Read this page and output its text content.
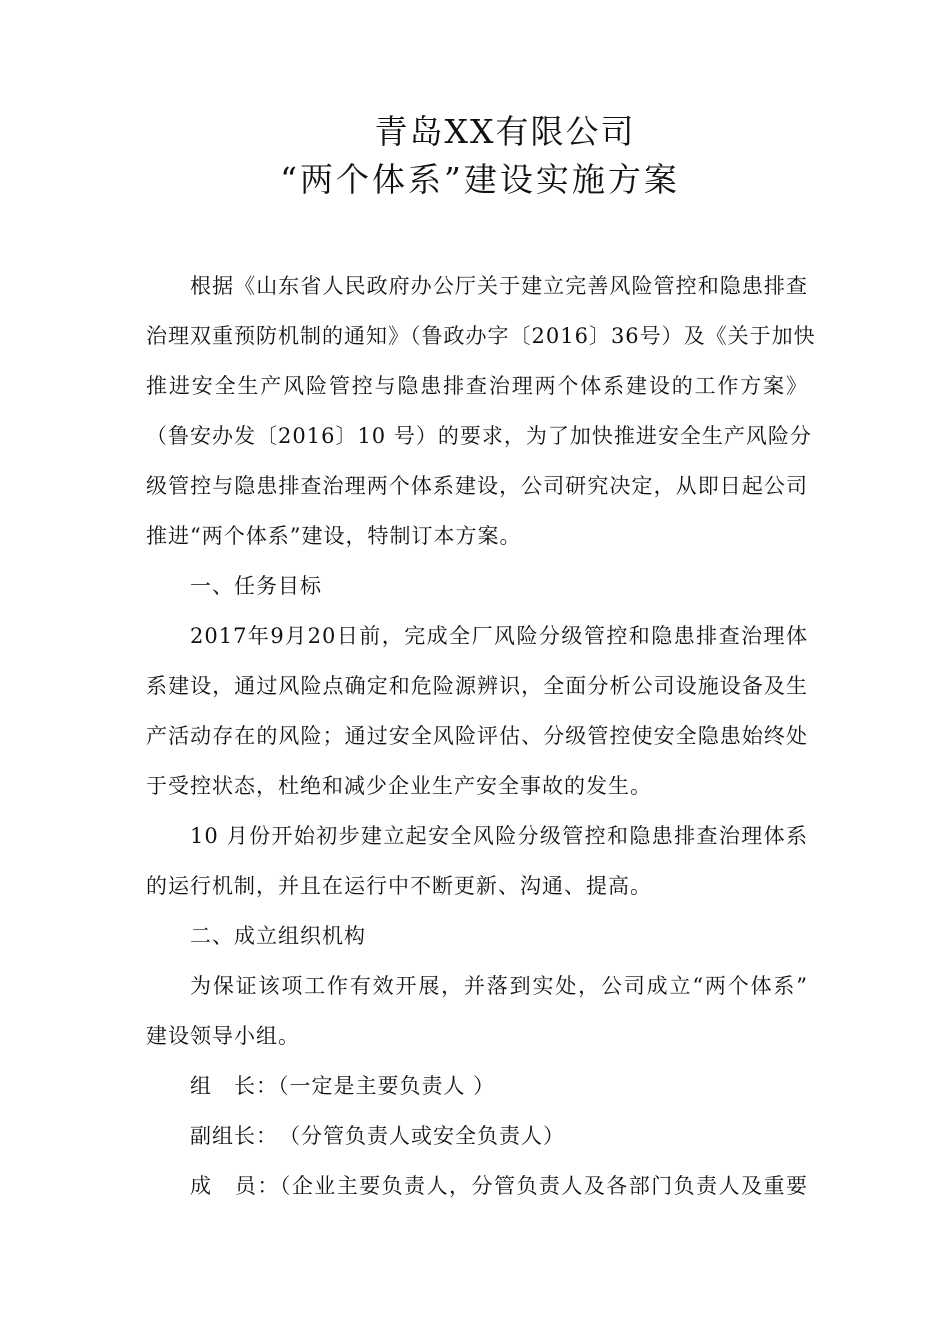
青岛XX有限公司
“两个体系”建设实施方案
根据《山东省人民政府办公厅关于建立完善风险管控和隐患排查
治理双重预防机制的通知》（鲁政办字〔2016〕36号）及《关于加快
推进安全生产风险管控与隐患排查治理两个体系建设的工作方案》
（鲁安办发〔2016〕10 号）的要求，为了加快推进安全生产风险分
级管控与隐患排查治理两个体系建设，公司研究决定，从即日起公司
推进“两个体系”建设，特制订本方案。
一、任务目标
2017年9月20日前，完成全厂风险分级管控和隐患排查治理体
系建设，通过风险点确定和危险源辨识，全面分析公司设施设备及生
产活动存在的风险；通过安全风险评估、分级管控使安全隐患始终处
于受控状态，杜绝和减少企业生产安全事故的发生。
10 月份开始初步建立起安全风险分级管控和隐患排查治理体系
的运行机制，并且在运行中不断更新、沟通、提高。
二、成立组织机构
为保证该项工作有效开展，并落到实处，公司成立“两个体系”
建设领导小组。
组　长：（一定是主要负责人 ）
副组长：　（分管负责人或安全负责人）
成　员：（企业主要负责人，分管负责人及各部门负责人及重要
